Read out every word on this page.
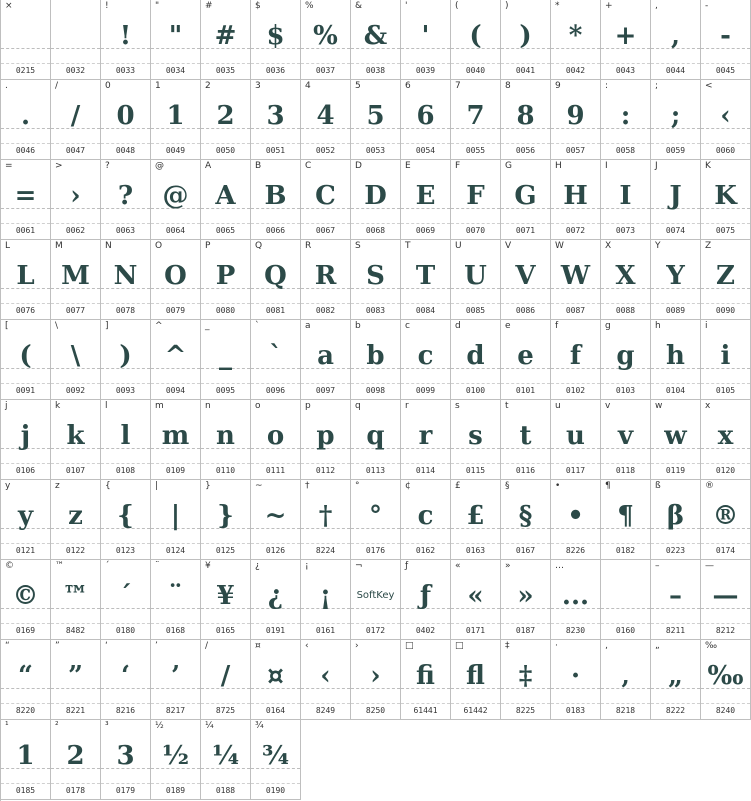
×
0215	0032
!
!
0033
"
"
0034
#
#
0035
$
$
0036
%
%
0037
&
&
0038
'
'
0039
(
(
0040
)
)
0041
*
*
0042
+
+
0043
,
,
0044
-
-
0045
.
.
0046
/
/
0047
0
0
0048
1
1
0049
2
2
0050
3
3
0051
4
4
0052
5
5
0053
6
6
0054
7
7
0055
8
8
0056
9
9
0057
:
:
0058
;
;
0059
<
‹
0060
=
=
0061
>
›
0062
?
?
0063
@
@
0064
A
A
0065
B
B
0066
C
C
0067
D
D
0068
E
E
0069
F
F
0070
G
G
0071
H
H
0072
I
I
0073
J
J
0074
K
K
0075
L
L
0076
M
M
0077
N
N
0078
O
O
0079
P
P
0080
Q
Q
0081
R
R
0082
S
S
0083
T
T
0084
U
U
0085
V
V
0086
W
W
0087
X
X
0088
Y
Y
0089
Z
Z
0090
[
(
0091
\
\
0092
]
)
0093
^
^
0094
_
_
0095
`
`
0096
a
a
0097
b
b
0098
c
c
0099
d
d
0100
e
e
0101
f
f
0102
g
g
0103
h
h
0104
i
i
0105
j
j
0106
k
k
0107
l
l
0108
m
m
0109
n
n
0110
o
o
0111
p
p
0112
q
q
0113
r
r
0114
s
s
0115
t
t
0116
u
u
0117
v
v
0118
w
w
0119
x
x
0120
y
y
0121
z
z
0122
{
{
0123
|
|
0124
}
}
0125
~
~
0126
†
†
8224
°
°
0176
¢
c
0162
£
£
0163
§
§
0167
•
•
8226
¶
¶
0182
ß
β
0223
®
®
0174
©
©
0169
™
™
8482
´
´
0180
¨
¨
0168
¥
¥
0165
¿
¿
0191
¡
¡
0161
¬
SoftKey
0172
ƒ
ƒ
0402
«
«
0171
»
»
0187
…
...
8230	0160
–
–
8211
—
—
8212
“
“
8220
”
”
8221
‘
‘
8216
’
’
8217
∕
/
8725
¤
¤
0164
‹
‹
8249
›
›
8250
□
fi
61441
□
fl
61442
‡
‡
8225
·
·
0183
‚
‚
8218
„
„
8222
‰
‰
8240
¹
1
0185
²
2
0178
³
3
0179
½
½
0189
¼
¼
0188
¾
¾
0190
